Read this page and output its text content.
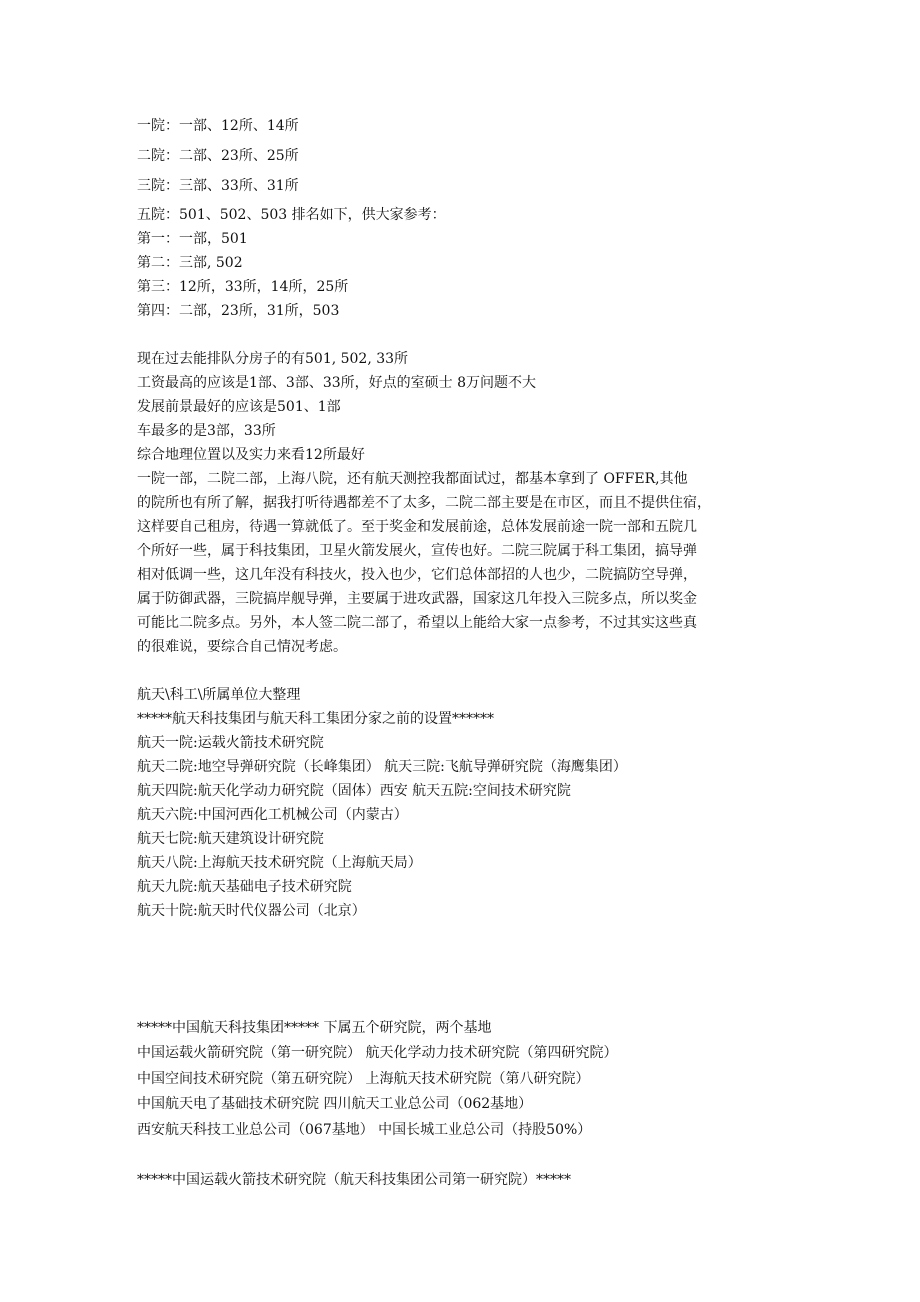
一院：一部、12所、14所
二院：二部、23所、25所
三院：三部、33所、31所
五院：501、502、503 排名如下，供大家参考：
第一：一部，501
第二：三部, 502
第三：12所，33所，14所，25所
第四：二部，23所，31所，503
现在过去能排队分房子的有501, 502, 33所
工资最高的应该是1部、3部、33所，好点的室硕士 8万问题不大
发展前景最好的应该是501、1部
车最多的是3部，33所
综合地理位置以及实力来看12所最好
一院一部，二院二部，上海八院，还有航天测控我都面试过，都基本拿到了 OFFER,其他
的院所也有所了解，据我打听待遇都差不了太多，二院二部主要是在市区，而且不提供住宿，
这样要自己租房，待遇一算就低了。至于奖金和发展前途，总体发展前途一院一部和五院几
个所好一些，属于科技集团，卫星火箭发展火，宣传也好。二院三院属于科工集团，搞导弹
相对低调一些，这几年没有科技火，投入也少，它们总体部招的人也少，二院搞防空导弹，
属于防御武器，三院搞岸舰导弹，主要属于进攻武器，国家这几年投入三院多点，所以奖金
可能比二院多点。另外，本人签二院二部了，希望以上能给大家一点参考，不过其实这些真
的很难说，要综合自己情况考虑。
航天\科工\所属单位大整理
*****航天科技集团与航天科工集团分家之前的设置******
航天一院:运载火箭技术研究院
航天二院:地空导弹研究院（长峰集团） 航天三院:飞航导弹研究院（海鹰集团）
航天四院:航天化学动力研究院（固体）西安 航天五院:空间技术研究院
航天六院:中国河西化工机械公司（内蒙古）
航天七院:航天建筑设计研究院
航天八院:上海航天技术研究院（上海航天局）
航天九院:航天基础电子技术研究院
航天十院:航天时代仪器公司（北京）
*****中国航天科技集团***** 下属五个研究院，两个基地
中国运载火箭研究院（第一研究院） 航天化学动力技术研究院（第四研究院）
中国空间技术研究院（第五研究院） 上海航天技术研究院（第八研究院）
中国航天电了基础技术研究院 四川航天工业总公司（062基地）
西安航天科技工业总公司（067基地） 中国长城工业总公司（持股50%）
*****中国运载火箭技术研究院（航天科技集团公司第一研究院）*****
